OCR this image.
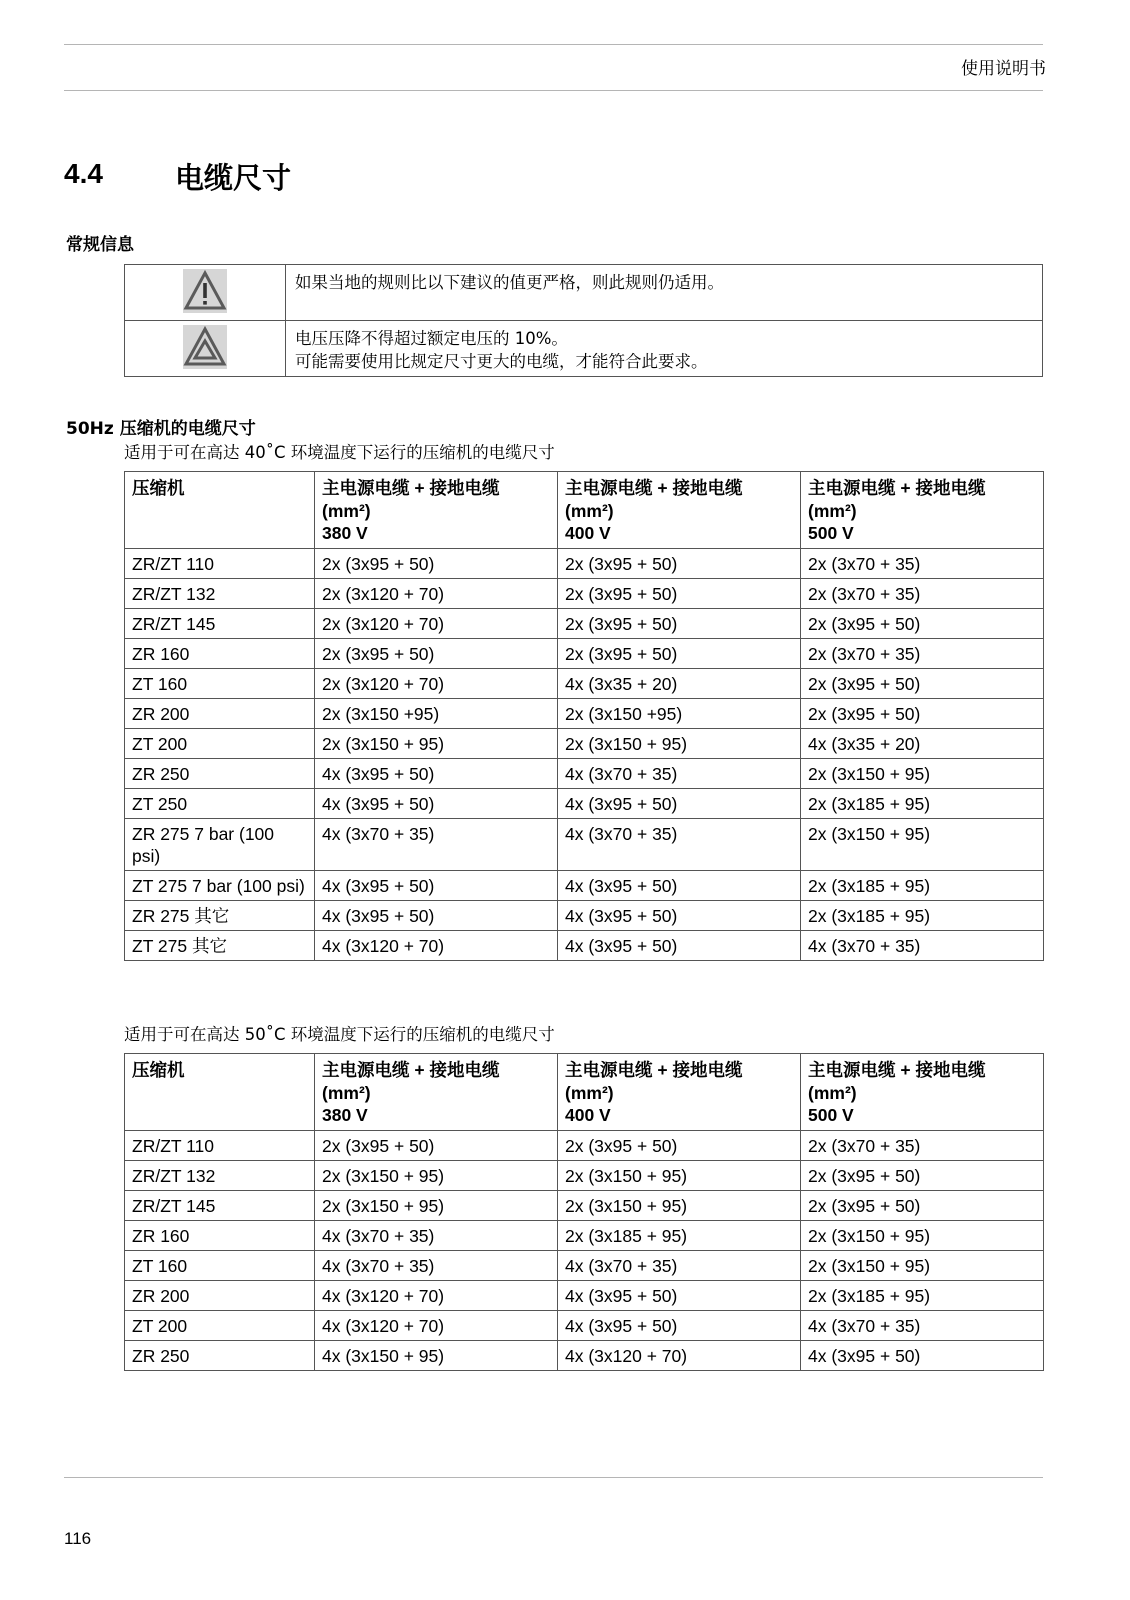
使用说明书
4.4 电缆尺寸
常规信息

如果当地的规则比以下建议的值更严格，则此规则仍适用。

电压压降不得超过额定电压的 10%。
可能需要使用比规定尺寸更大的电缆，才能符合此要求。
50Hz 压缩机的电缆尺寸
适用于可在高达 40˚C 环境温度下运行的压缩机的电缆尺寸
压缩机	主电源电缆 + 接地电缆
(mm²)
380 V	主电源电缆 + 接地电缆
(mm²)
400 V	主电源电缆 + 接地电缆
(mm²)
500 V

ZR/ZT 110	2x (3x95 + 50)	2x (3x95 + 50)	2x (3x70 + 35)
ZR/ZT 132	2x (3x120 + 70)	2x (3x95 + 50)	2x (3x70 + 35)
ZR/ZT 145	2x (3x120 + 70)	2x (3x95 + 50)	2x (3x95 + 50)
ZR 160	2x (3x95 + 50)	2x (3x95 + 50)	2x (3x70 + 35)
ZT 160	2x (3x120 + 70)	4x (3x35 + 20)	2x (3x95 + 50)
ZR 200	2x (3x150 +95)	2x (3x150 +95)	2x (3x95 + 50)
ZT 200	2x (3x150 + 95)	2x (3x150 + 95)	4x (3x35 + 20)
ZR 250	4x (3x95 + 50)	4x (3x70 + 35)	2x (3x150 + 95)
ZT 250	4x (3x95 + 50)	4x (3x95 + 50)	2x (3x185 + 95)
ZR 275 7 bar (100 psi)	4x (3x70 + 35)	4x (3x70 + 35)	2x (3x150 + 95)
ZT 275 7 bar (100 psi)	4x (3x95 + 50)	4x (3x95 + 50)	2x (3x185 + 95)
ZR 275 其它	4x (3x95 + 50)	4x (3x95 + 50)	2x (3x185 + 95)
ZT 275 其它	4x (3x120 + 70)	4x (3x95 + 50)	4x (3x70 + 35)
适用于可在高达 50˚C 环境温度下运行的压缩机的电缆尺寸
压缩机	主电源电缆 + 接地电缆
(mm²)
380 V	主电源电缆 + 接地电缆
(mm²)
400 V	主电源电缆 + 接地电缆
(mm²)
500 V

ZR/ZT 110	2x (3x95 + 50)	2x (3x95 + 50)	2x (3x70 + 35)
ZR/ZT 132	2x (3x150 + 95)	2x (3x150 + 95)	2x (3x95 + 50)
ZR/ZT 145	2x (3x150 + 95)	2x (3x150 + 95)	2x (3x95 + 50)
ZR 160	4x (3x70 + 35)	2x (3x185 + 95)	2x (3x150 + 95)
ZT 160	4x (3x70 + 35)	4x (3x70 + 35)	2x (3x150 + 95)
ZR 200	4x (3x120 + 70)	4x (3x95 + 50)	2x (3x185 + 95)
ZT 200	4x (3x120 + 70)	4x (3x95 + 50)	4x (3x70 + 35)
ZR 250	4x (3x150 + 95)	4x (3x120 + 70)	4x (3x95 + 50)
116
